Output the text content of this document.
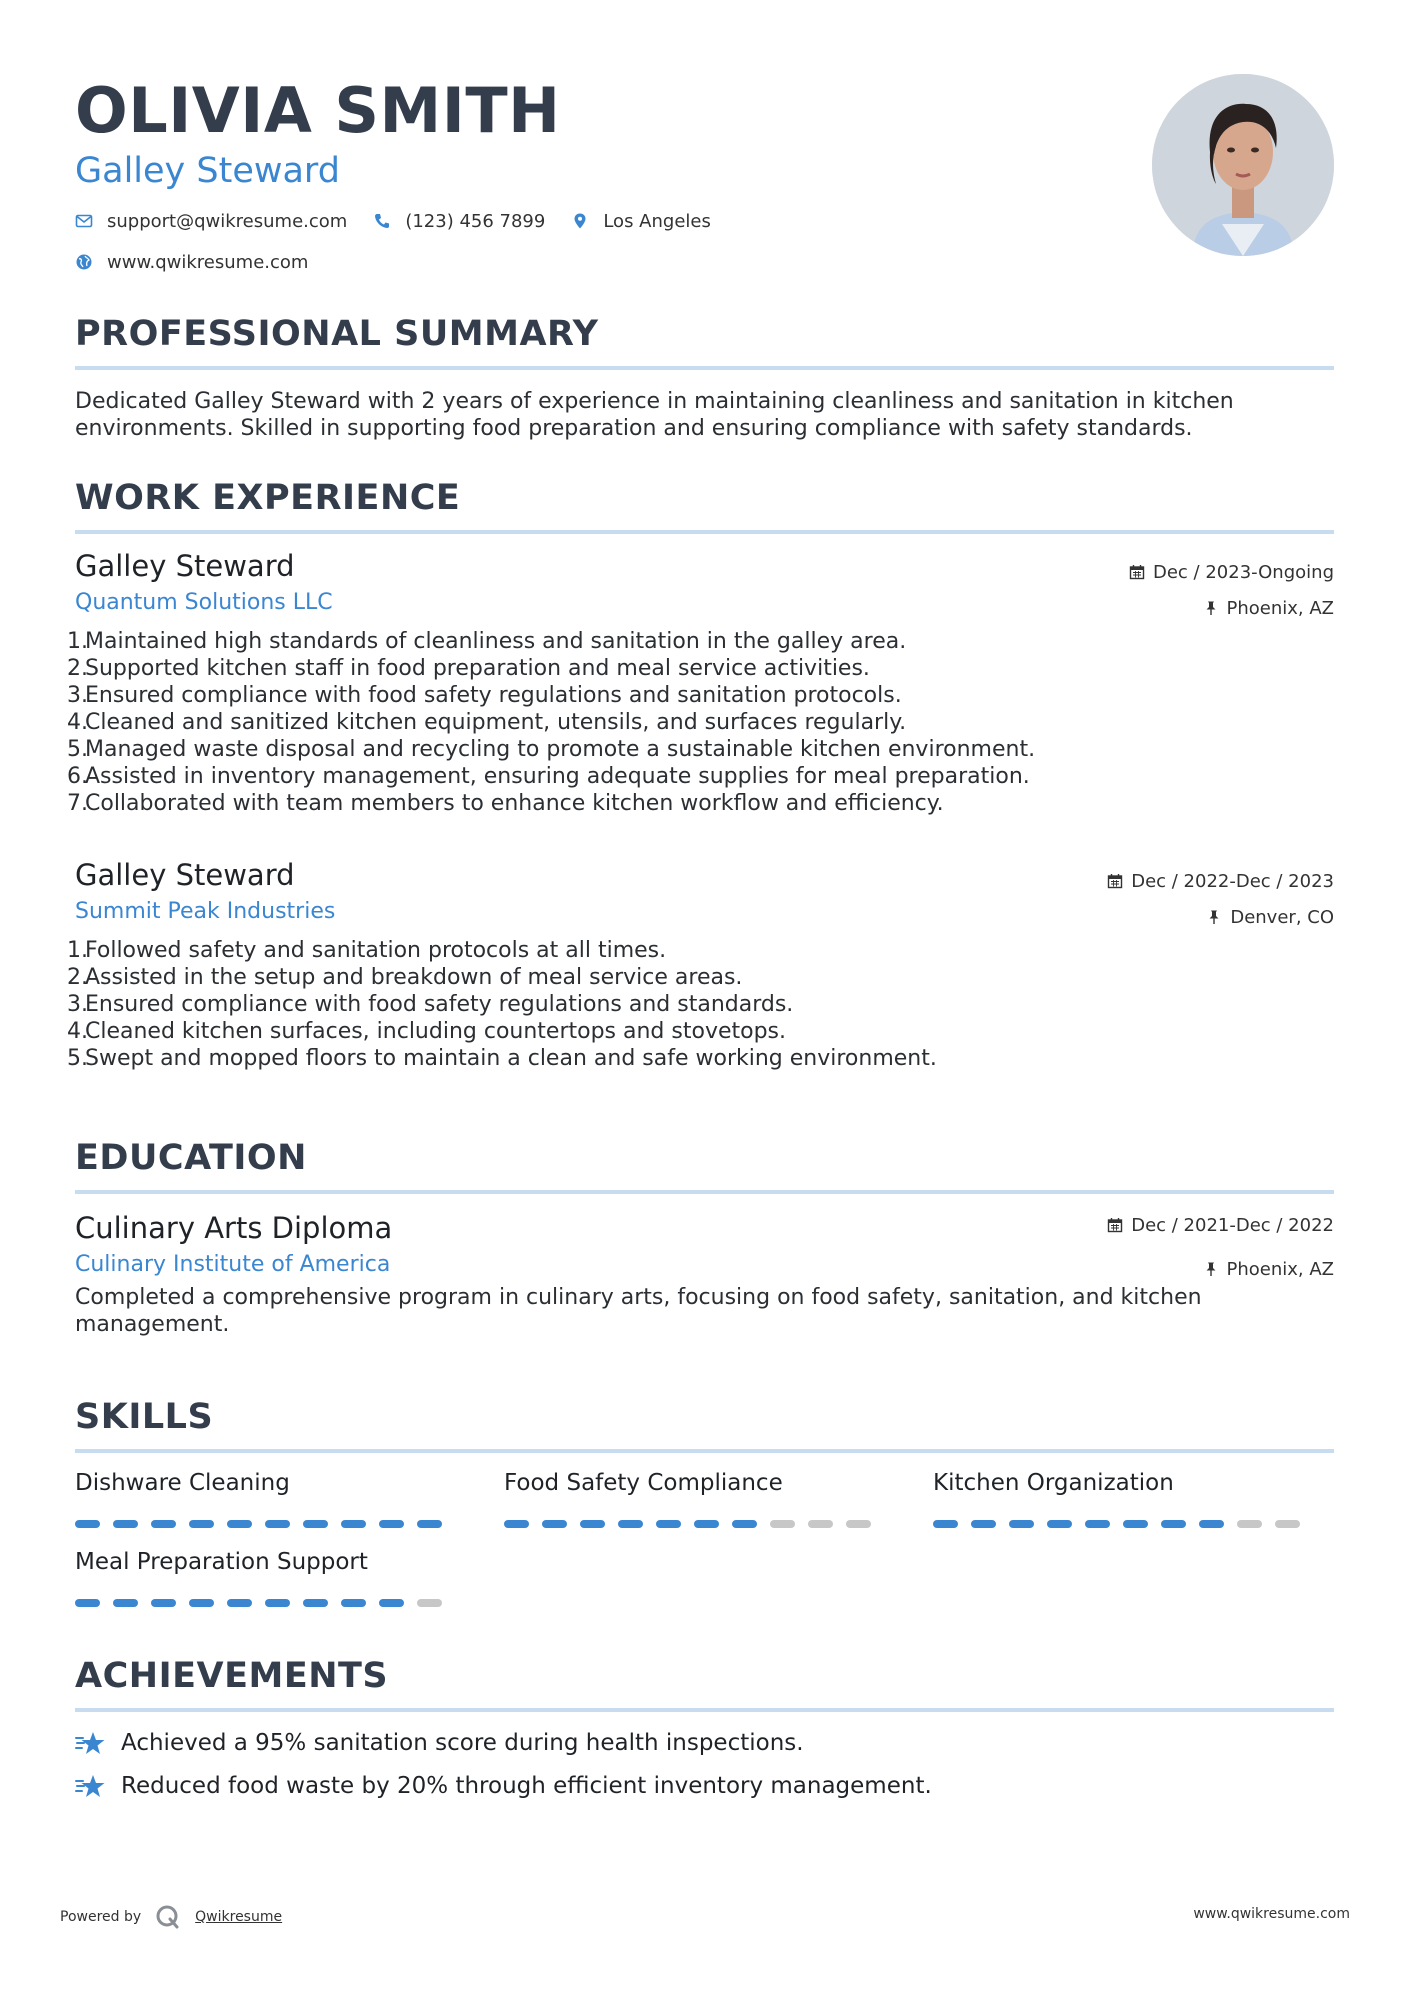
OLIVIA SMITH
Galley Steward
support@qwikresume.com	(123) 456 7899	Los Angeles
www.qwikresume.com
PROFESSIONAL SUMMARY
Dedicated Galley Steward with 2 years of experience in maintaining cleanliness and sanitation in kitchen environments. Skilled in supporting food preparation and ensuring compliance with safety standards.
WORK EXPERIENCE
Galley Steward
Quantum Solutions LLC
Dec / 2023-Ongoing
Phoenix, AZ
1.
Maintained high standards of cleanliness and sanitation in the galley area.
2.
Supported kitchen staff in food preparation and meal service activities.
3.
Ensured compliance with food safety regulations and sanitation protocols.
4.
Cleaned and sanitized kitchen equipment, utensils, and surfaces regularly.
5.
Managed waste disposal and recycling to promote a sustainable kitchen environment.
6.
Assisted in inventory management, ensuring adequate supplies for meal preparation.
7.
Collaborated with team members to enhance kitchen workflow and efficiency.
Galley Steward
Summit Peak Industries
Dec / 2022-Dec / 2023
Denver, CO
1.
Followed safety and sanitation protocols at all times.
2.
Assisted in the setup and breakdown of meal service areas.
3.
Ensured compliance with food safety regulations and standards.
4.
Cleaned kitchen surfaces, including countertops and stovetops.
5.
Swept and mopped floors to maintain a clean and safe working environment.
EDUCATION
Culinary Arts Diploma
Culinary Institute of America
Dec / 2021-Dec / 2022
Phoenix, AZ
Completed a comprehensive program in culinary arts, focusing on food safety, sanitation, and kitchen management.
SKILLS
Dishware Cleaning	Food Safety Compliance	Kitchen Organization
Meal Preparation Support
ACHIEVEMENTS
Achieved a 95% sanitation score during health inspections.
Reduced food waste by 20% through efficient inventory management.
Powered by	Qwikresume	www.qwikresume.com
